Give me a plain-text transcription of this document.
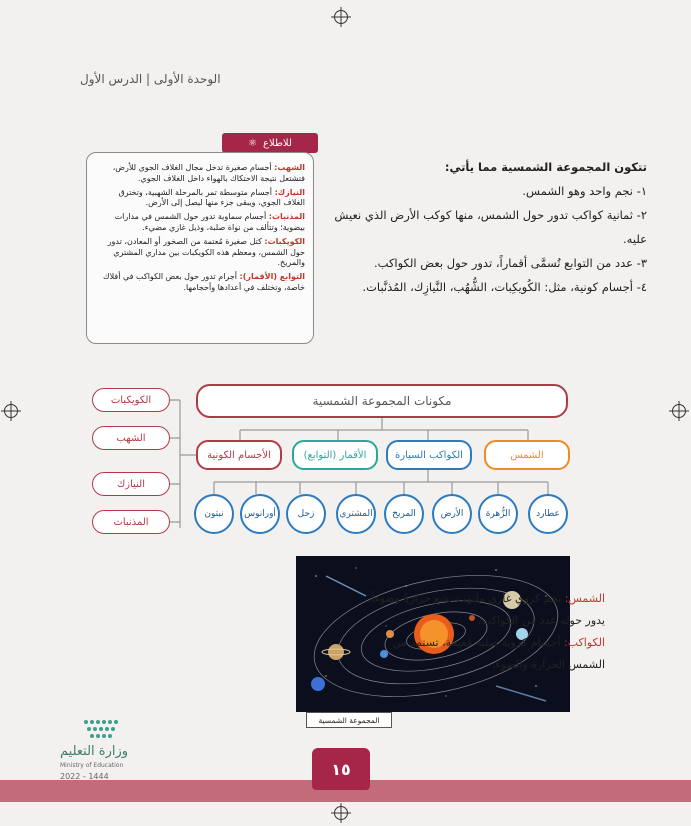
الوحدة الأولى | الدرس الأول
للاطلاع
⚛

الشهب: أجسام صغيرة تدخل مجال الغلاف الجوي للأرض، فتشتعل نتيجة الاحتكاك بالهواء داخل الغلاف الجوي.

النيازك: أجسام متوسطة تمر بالمرحلة الشهبية، وتخترق الغلاف الجوي، ويبقى جزء منها ليصل إلى الأرض.

المذنبات: أجسام سماوية تدور حول الشمس في مدارات بيضوية؛ وتتألف من نواة صلبة، وذيل غازي مضيء.

الكويكبات: كتل صغيرة مُعتمة من الصخور أو المعادن، تدور حول الشمس، ومعظم هذه الكويكبات بين مداري المشتري والمريخ.

التوابع (الأقمار): أجرام تدور حول بعض الكواكب في أفلاك خاصة، وتختلف في أعدادها وأحجامها.

تتكون المجموعة الشمسية مما يأتي:
١- نجم واحد وهو الشمس.
٢- ثمانية كواكب تدور حول الشمس، منها كوكب الأرض الذي نعيش عليه.
٣- عدد من التوابع تُسمَّى أقماراً، تدور حول بعض الكواكب.
٤- أجسام كونية، مثل: الكُويكِبات، الشُّهُب، النَّيازِك، المُذنَّبات.
مكونات المجموعة الشمسية
الشمس
الكواكب السيارة
الأقمار (التوابع)
الأجسام الكونية
عطارد
الزُّهرة
الأرض
المريخ
المشتري
زحل
أورانوس
نبتون
الكويكبات
الشهب
النيازك
المذنبات
المجموعة الشمسية
الشمس: نجم كروي غازي ملتهب يشع حرارةً وضوءاً، يدور حوله عدد من الكواكب.
الكواكب: أجسام كروية صلبة مُعتِمة، تستمد من الشمس الحرارة والضوء.
١٥
وزارة التعليم
Ministry of Education
2022 - 1444
